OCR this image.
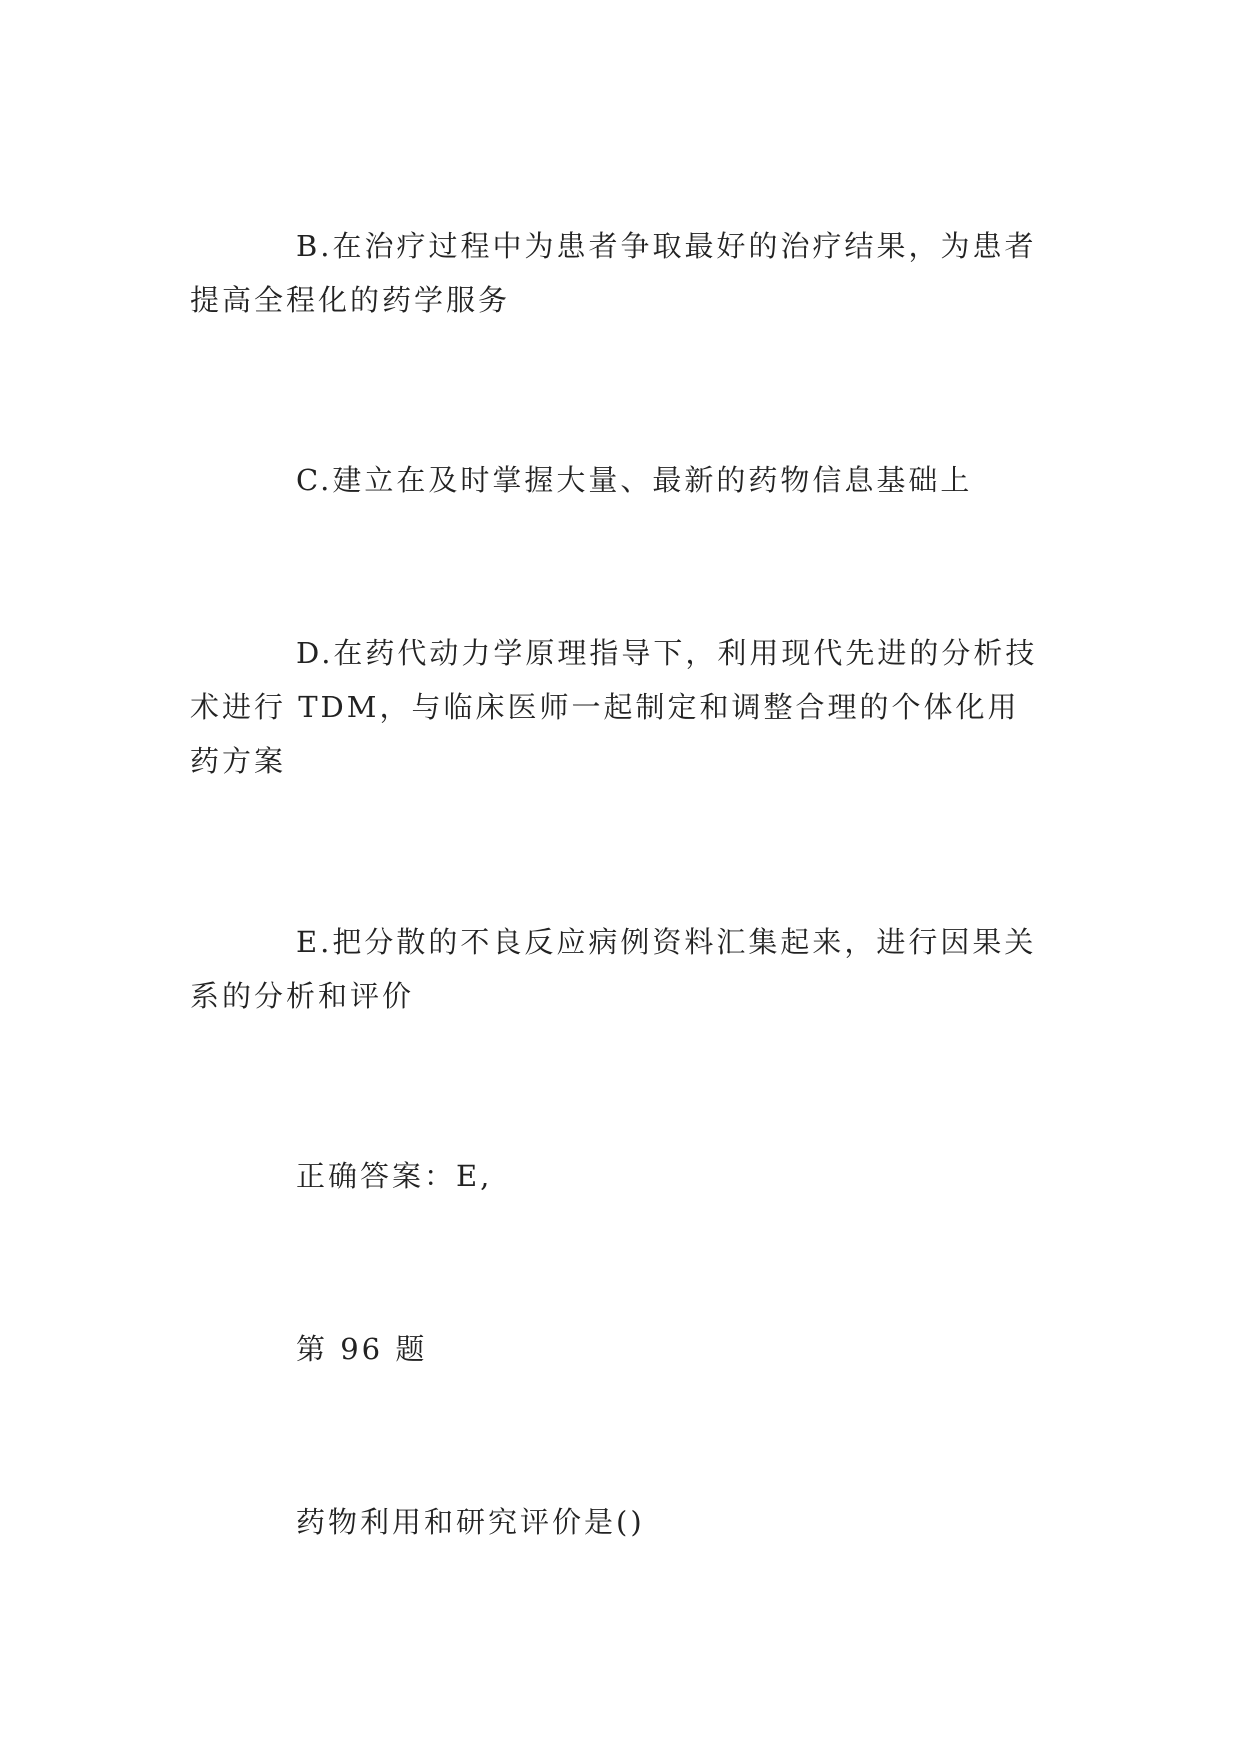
B.在治疗过程中为患者争取最好的治疗结果，为患者提高全程化的药学服务

C.建立在及时掌握大量、最新的药物信息基础上

D.在药代动力学原理指导下，利用现代先进的分析技术进行 TDM，与临床医师一起制定和调整合理的个体化用药方案

E.把分散的不良反应病例资料汇集起来，进行因果关系的分析和评价

正确答案：E,

第 96 题

药物利用和研究评价是()
